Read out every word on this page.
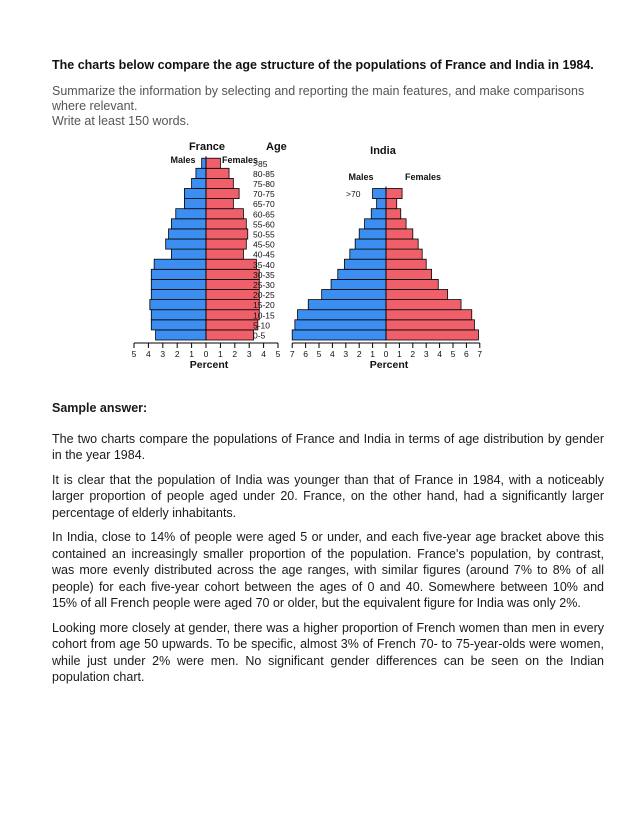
The charts below compare the age structure of the populations of France and India in 1984.

Summarize the information by selecting and reporting the main features, and make comparisons where relevant.

Write at least 150 words.

France	Age
Males	Females
0-5
5-10
10-15
15-20
20-25
25-30
30-35
35-40
40-45
45-50
50-55
55-60
60-65
65-70
70-75
75-80
80-85
>85
5 4 3 2 1 0 1 2 3 4 5
Percent
India
Males	Females
>70
7 6 5 4 3 2 1 0 1 2 3 4 5 6 7
Percent
Sample answer:

The two charts compare the populations of France and India in terms of age distribution by gender in the year 1984.

It is clear that the population of India was younger than that of France in 1984, with a noticeably larger proportion of people aged under 20. France, on the other hand, had a significantly larger percentage of elderly inhabitants.

In India, close to 14% of people were aged 5 or under, and each five-year age bracket above this contained an increasingly smaller proportion of the population. France's population, by contrast, was more evenly distributed across the age ranges, with similar figures (around 7% to 8% of all people) for each five-year cohort between the ages of 0 and 40. Somewhere between 10% and 15% of all French people were aged 70 or older, but the equivalent figure for India was only 2%.

Looking more closely at gender, there was a higher proportion of French women than men in every cohort from age 50 upwards. To be specific, almost 3% of French 70- to 75-year-olds were women, while just under 2% were men. No significant gender differences can be seen on the Indian population chart.
